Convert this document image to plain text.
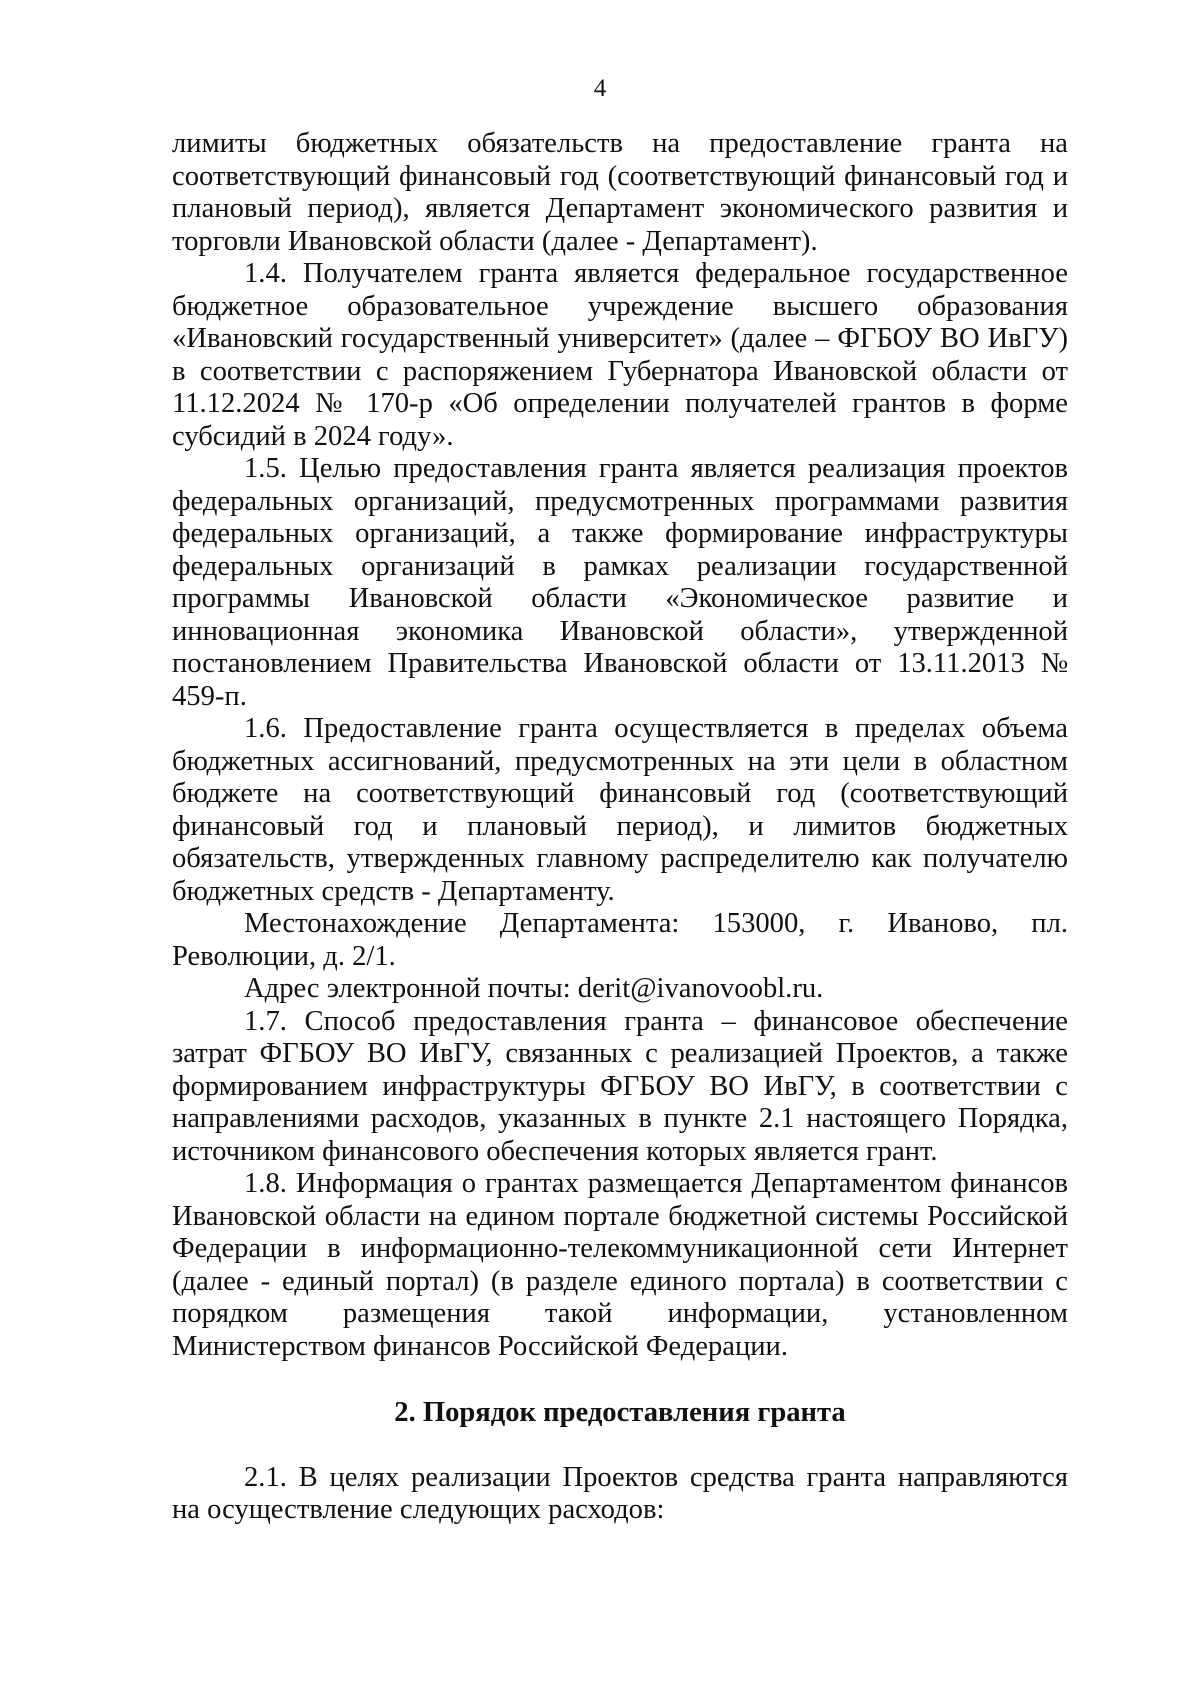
4

лимиты бюджетных обязательств на предоставление гранта на соответствующий финансовый год (соответствующий финансовый год и плановый период), является Департамент экономического развития и торговли Ивановской области (далее - Департамент).

1.4. Получателем гранта является федеральное государственное бюджетное образовательное учреждение высшего образования «Ивановский государственный университет» (далее – ФГБОУ ВО ИвГУ) в соответствии с распоряжением Губернатора Ивановской области от 11.12.2024 № 170-р «Об определении получателей грантов в форме субсидий в 2024 году».

1.5. Целью предоставления гранта является реализация проектов федеральных организаций, предусмотренных программами развития федеральных организаций, а также формирование инфраструктуры федеральных организаций в рамках реализации государственной программы Ивановской области «Экономическое развитие и инновационная экономика Ивановской области», утвержденной постановлением Правительства Ивановской области от 13.11.2013 № 459-п.

1.6. Предоставление гранта осуществляется в пределах объема бюджетных ассигнований, предусмотренных на эти цели в областном бюджете на соответствующий финансовый год (соответствующий финансовый год и плановый период), и лимитов бюджетных обязательств, утвержденных главному распределителю как получателю бюджетных средств - Департаменту.

Местонахождение Департамента: 153000, г. Иваново, пл. Революции, д. 2/1.

Адрес электронной почты: derit@ivanovoobl.ru.

1.7. Способ предоставления гранта – финансовое обеспечение затрат ФГБОУ ВО ИвГУ, связанных с реализацией Проектов, а также формированием инфраструктуры ФГБОУ ВО ИвГУ, в соответствии с направлениями расходов, указанных в пункте 2.1 настоящего Порядка, источником финансового обеспечения которых является грант.

1.8. Информация о грантах размещается Департаментом финансов Ивановской области на едином портале бюджетной системы Российской Федерации в информационно-телекоммуникационной сети Интернет (далее - единый портал) (в разделе единого портала) в соответствии с порядком размещения такой информации, установленном Министерством финансов Российской Федерации.

2. Порядок предоставления гранта

2.1. В целях реализации Проектов средства гранта направляются на осуществление следующих расходов:
